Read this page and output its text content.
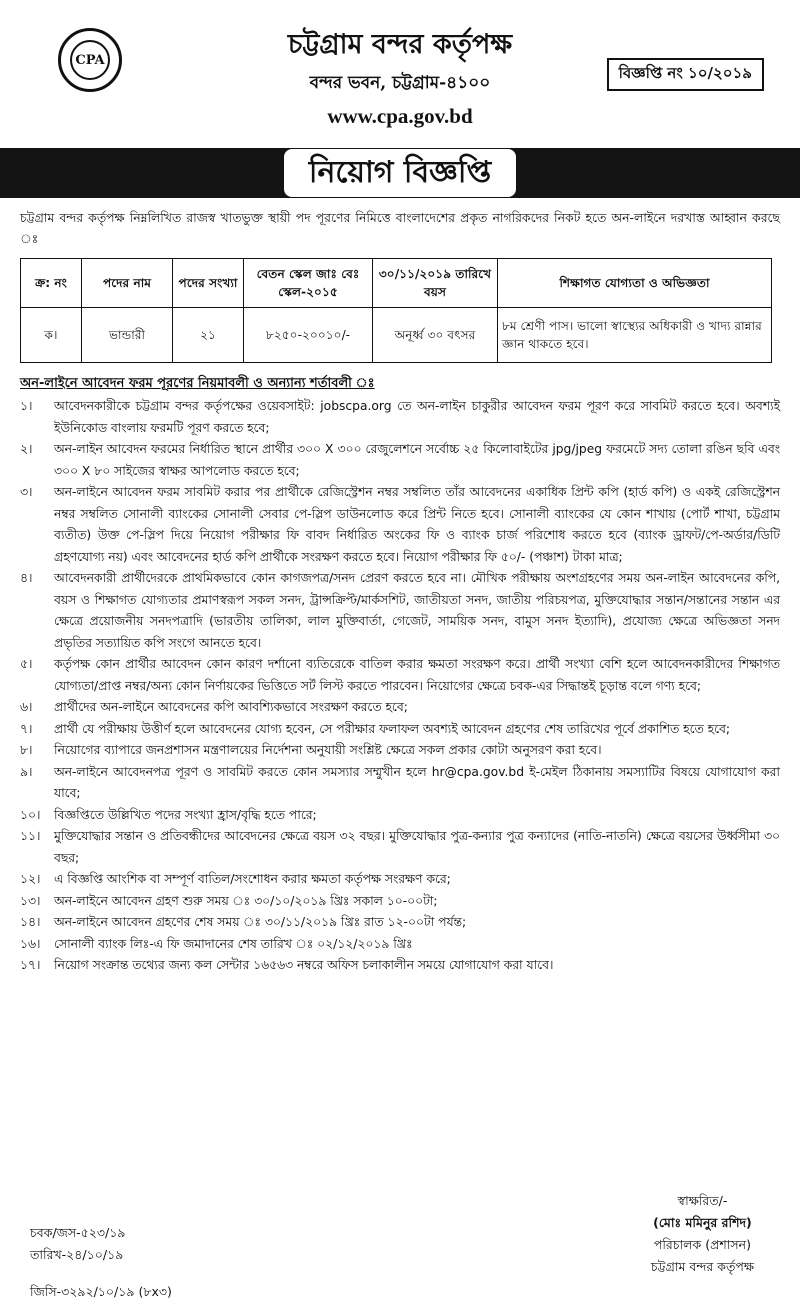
CPA	চট্টগ্রাম বন্দর কর্তৃপক্ষ
বন্দর ভবন, চট্টগ্রাম-৪১০০
www.cpa.gov.bd
বিজ্ঞপ্তি নং ১০/২০১৯
নিয়োগ বিজ্ঞপ্তি
চট্টগ্রাম বন্দর কর্তৃপক্ষ নিম্নলিখিত রাজস্ব খাতভুক্ত স্থায়ী পদ পূরণের নিমিত্তে বাংলাদেশের প্রকৃত নাগরিকদের নিকট হতে অন-লাইনে দরখাস্ত আহ্বান করছে ঃ
ক্র: নং	পদের নাম	পদের সংখ্যা	বেতন স্কেল জাঃ বেঃ স্কেল-২০১৫	৩০/১১/২০১৯ তারিখে বয়স	শিক্ষাগত যোগ্যতা ও অভিজ্ঞতা
ক।	ভান্ডারী	২১	৮২৫০-২০০১০/-	অনূর্ধ্ব ৩০ বৎসর	৮ম শ্রেণী পাস। ভালো স্বাস্থ্যের অধিকারী ও খাদ্য রান্নার জ্ঞান থাকতে হবে।
অন-লাইনে আবেদন ফরম পূরণের নিয়মাবলী ও অন্যান্য শর্তাবলী ঃ
১।	আবেদনকারীকে চট্টগ্রাম বন্দর কর্তৃপক্ষের ওয়েবসাইট: jobscpa.org তে অন-লাইন চাকুরীর আবেদন ফরম পূরণ করে সাবমিট করতে হবে। অবশ্যই ইউনিকোড বাংলায় ফরমটি পূরণ করতে হবে;
২।	অন-লাইন আবেদন ফরমের নির্ধারিত স্থানে প্রার্থীর ৩০০ X ৩০০ রেজুলেশনে সর্বোচ্চ ২৫ কিলোবাইটের jpg/jpeg ফরমেটে সদ্য তোলা রঙিন ছবি এবং ৩০০ X ৮০ সাইজের স্বাক্ষর আপলোড করতে হবে;
৩।	অন-লাইনে আবেদন ফরম সাবমিট করার পর প্রার্থীকে রেজিস্ট্রেশন নম্বর সম্বলিত তাঁর আবেদনের একাধিক প্রিন্ট কপি (হার্ড কপি) ও একই রেজিস্ট্রেশন নম্বর সম্বলিত সোনালী ব্যাংকের সোনালী সেবার পে-স্লিপ ডাউনলোড করে প্রিন্ট নিতে হবে। সোনালী ব্যাংকের যে কোন শাখায় (পোর্ট শাখা, চট্টগ্রাম ব্যতীত) উক্ত পে-স্লিপ দিয়ে নিয়োগ পরীক্ষার ফি বাবদ নির্ধারিত অংকের ফি ও ব্যাংক চার্জ পরিশোধ করতে হবে (ব্যাংক ড্রাফট/পে-অর্ডার/ডিটি গ্রহণযোগ্য নয়) এবং আবেদনের হার্ড কপি প্রার্থীকে সংরক্ষণ করতে হবে। নিয়োগ পরীক্ষার ফি ৫০/- (পঞ্চাশ) টাকা মাত্র;
৪।	আবেদনকারী প্রার্থীদেরকে প্রাথমিকভাবে কোন কাগজপত্র/সনদ প্রেরণ করতে হবে না। মৌখিক পরীক্ষায় অংশগ্রহণের সময় অন-লাইন আবেদনের কপি, বয়স ও শিক্ষাগত যোগ্যতার প্রমাণস্বরূপ সকল সনদ, ট্রান্সক্রিপ্ট/মার্কসশিট, জাতীয়তা সনদ, জাতীয় পরিচয়পত্র, মুক্তিযোদ্ধার সন্তান/সন্তানের সন্তান এর ক্ষেত্রে প্রয়োজনীয় সনদপত্রাদি (ভারতীয় তালিকা, লাল মুক্তিবার্তা, গেজেট, সাময়িক সনদ, বামুস সনদ ইত্যাদি), প্রযোজ্য ক্ষেত্রে অভিজ্ঞতা সনদ প্রভৃতির সত্যায়িত কপি সংগে আনতে হবে।
৫।	কর্তৃপক্ষ কোন প্রার্থীর আবেদন কোন কারণ দর্শানো ব্যতিরেকে বাতিল করার ক্ষমতা সংরক্ষণ করে। প্রার্থী সংখ্যা বেশি হলে আবেদনকারীদের শিক্ষাগত যোগ্যতা/প্রাপ্ত নম্বর/অন্য কোন নির্ণায়কের ভিত্তিতে সর্ট লিস্ট করতে পারবেন। নিয়োগের ক্ষেত্রে চবক-এর সিদ্ধান্তই চূড়ান্ত বলে গণ্য হবে;
৬।	প্রার্থীদের অন-লাইনে আবেদনের কপি আবশ্যিকভাবে সংরক্ষণ করতে হবে;
৭।	প্রার্থী যে পরীক্ষায় উত্তীর্ণ হলে আবেদনের যোগ্য হবেন, সে পরীক্ষার ফলাফল অবশ্যই আবেদন গ্রহণের শেষ তারিখের পূর্বে প্রকাশিত হতে হবে;
৮।	নিয়োগের ব্যাপারে জনপ্রশাসন মন্ত্রণালয়ের নির্দেশনা অনুযায়ী সংশ্লিষ্ট ক্ষেত্রে সকল প্রকার কোটা অনুসরণ করা হবে।
৯।	অন-লাইনে আবেদনপত্র পূরণ ও সাবমিট করতে কোন সমস্যার সম্মুখীন হলে hr@cpa.gov.bd ই-মেইল ঠিকানায় সমস্যাটির বিষয়ে যোগাযোগ করা যাবে;
১০।	বিজ্ঞপ্তিতে উল্লিখিত পদের সংখ্যা হ্রাস/বৃদ্ধি হতে পারে;
১১।	মুক্তিযোদ্ধার সন্তান ও প্রতিবন্ধীদের আবেদনের ক্ষেত্রে বয়স ৩২ বছর। মুক্তিযোদ্ধার পুত্র-কন্যার পুত্র কন্যাদের (নাতি-নাতনি) ক্ষেত্রে বয়সের উর্ধ্বসীমা ৩০ বছর;
১২।	এ বিজ্ঞপ্তি আংশিক বা সম্পূর্ণ বাতিল/সংশোধন করার ক্ষমতা কর্তৃপক্ষ সংরক্ষণ করে;
১৩।	অন-লাইনে আবেদন গ্রহণ শুরু সময় ঃ ৩০/১০/২০১৯ খ্রিঃ সকাল ১০-০০টা;
১৪।	অন-লাইনে আবেদন গ্রহণের শেষ সময় ঃ ৩০/১১/২০১৯ খ্রিঃ রাত ১২-০০টা পর্যন্ত;
১৬।	সোনালী ব্যাংক লিঃ-এ ফি জমাদানের শেষ তারিখ ঃ ০২/১২/২০১৯ খ্রিঃ
১৭।	নিয়োগ সংক্রান্ত তথ্যের জন্য কল সেন্টার ১৬৫৬৩ নম্বরে অফিস চলাকালীন সময়ে যোগাযোগ করা যাবে।
চবক/জস-৫২৩/১৯
তারিখ-২৪/১০/১৯
স্বাক্ষরিত/-
(মোঃ মমিনুর রশিদ)
পরিচালক (প্রশাসন)
চট্টগ্রাম বন্দর কর্তৃপক্ষ
জিসি-৩২৯২/১০/১৯ (৮x৩)
